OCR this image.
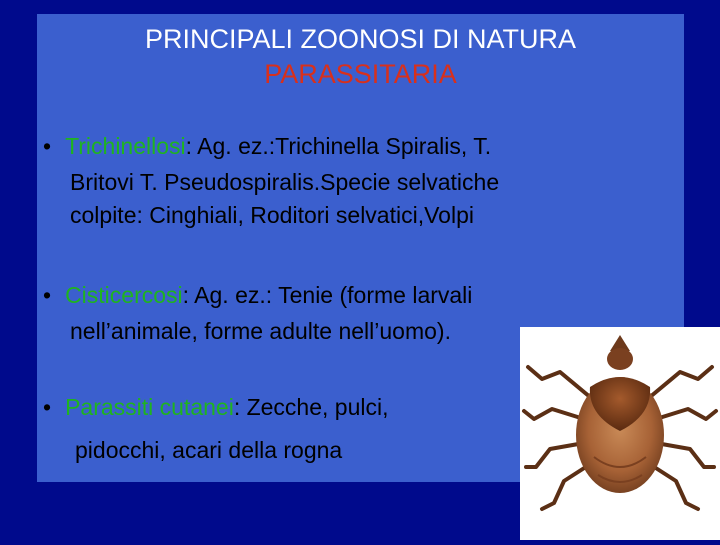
PRINCIPALI ZOONOSI DI NATURA
PARASSITARIA
• Trichinellosi: Ag. ez.:Trichinella Spiralis, T.
Britovi T. Pseudospiralis.Specie selvatiche
colpite: Cinghiali, Roditori selvatici,Volpi
• Cisticercosi: Ag. ez.: Tenie (forme larvali
nell’animale, forme adulte nell’uomo).
• Parassiti cutanei: Zecche, pulci,
pidocchi, acari della rogna
